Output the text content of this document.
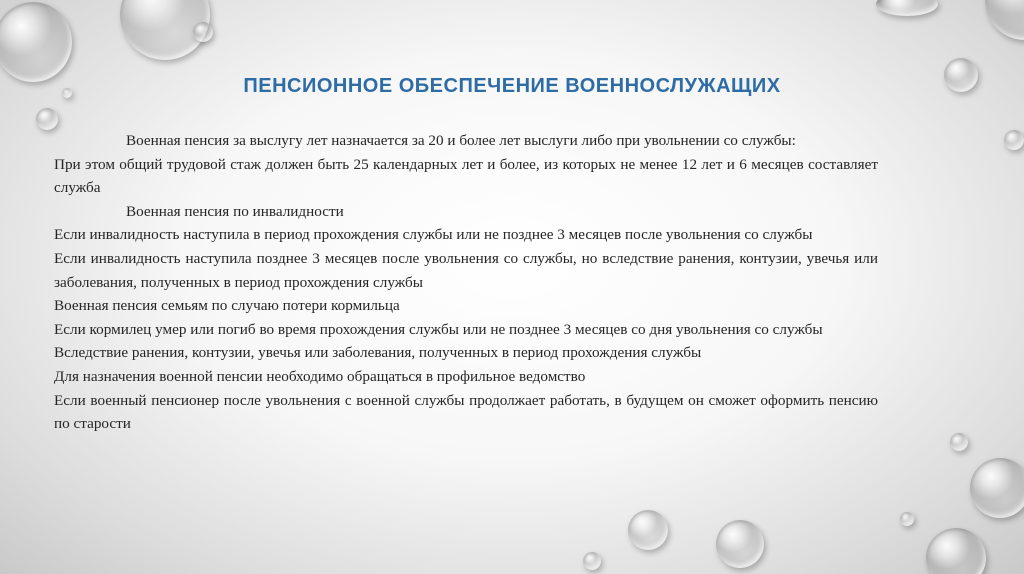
ПЕНСИОННОЕ ОБЕСПЕЧЕНИЕ ВОЕННОСЛУЖАЩИХ

Военная пенсия за выслугу лет назначается за 20 и более лет выслуги либо при увольнении со службы:

При этом общий трудовой стаж должен быть 25 календарных лет и более, из которых не менее 12 лет и 6 месяцев составляет служба

Военная пенсия по инвалидности

Если инвалидность наступила в период прохождения службы или не позднее 3 месяцев после увольнения со службы

Если инвалидность наступила позднее 3 месяцев после увольнения со службы, но вследствие ранения, контузии, увечья или заболевания, полученных в период прохождения службы

Военная пенсия семьям по случаю потери кормильца

Если кормилец умер или погиб во время прохождения службы или не позднее 3 месяцев со дня увольнения со службы

Вследствие ранения, контузии, увечья или заболевания, полученных в период прохождения службы

Для назначения военной пенсии необходимо обращаться в профильное ведомство

Если военный пенсионер после увольнения с военной службы продолжает работать, в будущем он сможет оформить пенсию по старости
